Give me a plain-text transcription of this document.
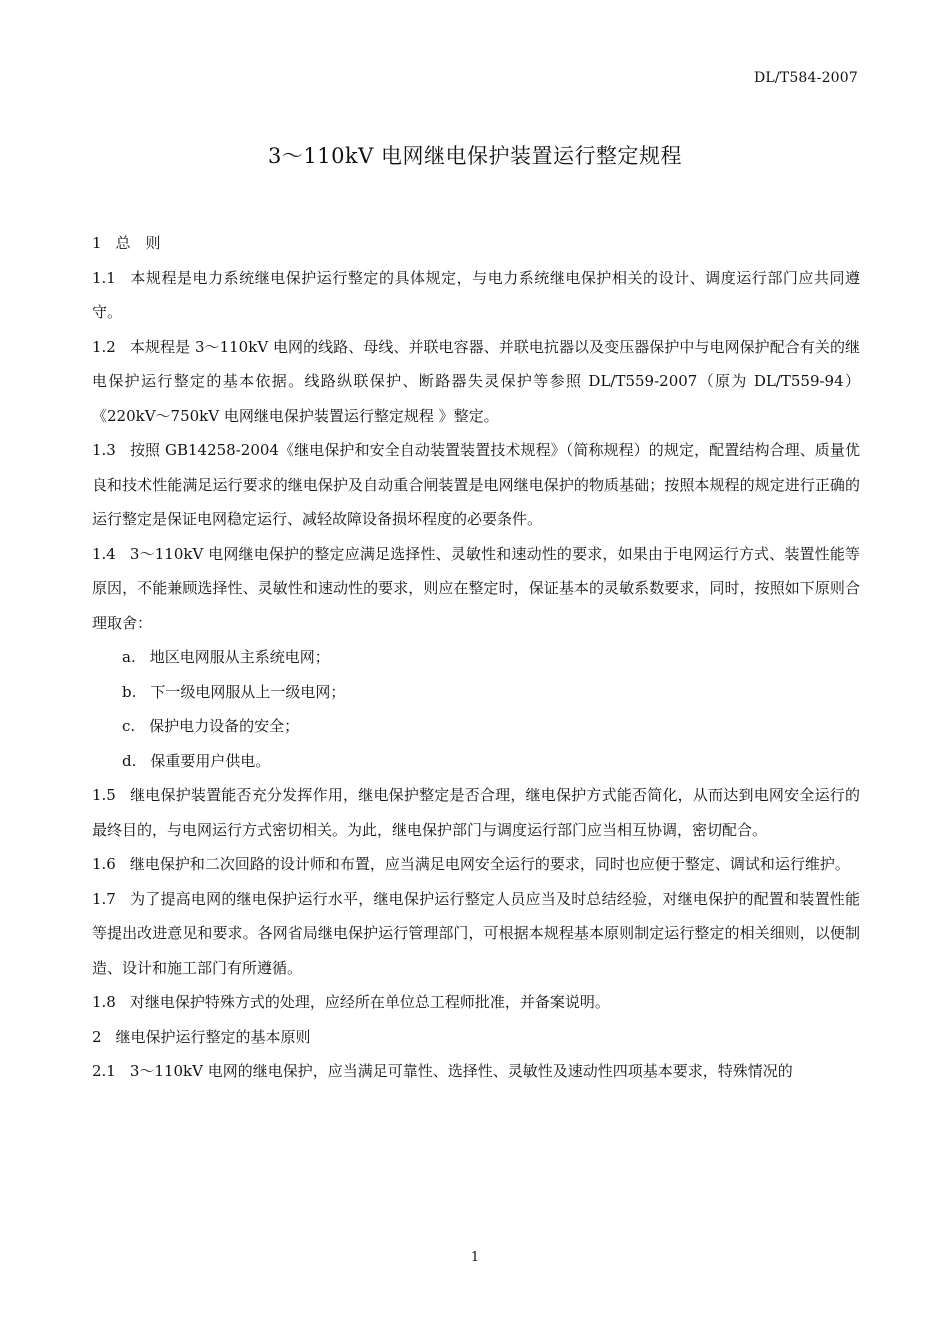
DL/T584-2007
3～110kV 电网继电保护装置运行整定规程

1 总　则

1.1 本规程是电力系统继电保护运行整定的具体规定，与电力系统继电保护相关的设计、调度运行部门应共同遵守。

1.2 本规程是 3～110kV 电网的线路、母线、并联电容器、并联电抗器以及变压器保护中与电网保护配合有关的继电保护运行整定的基本依据。线路纵联保护、断路器失灵保护等参照 DL/T559-2007（原为 DL/T559-94）《220kV～750kV 电网继电保护装置运行整定规程 》整定。

1.3 按照 GB14258-2004《继电保护和安全自动装置装置技术规程》（简称规程）的规定，配置结构合理、质量优良和技术性能满足运行要求的继电保护及自动重合闸装置是电网继电保护的物质基础；按照本规程的规定进行正确的运行整定是保证电网稳定运行、减轻故障设备损坏程度的必要条件。

1.4 3～110kV 电网继电保护的整定应满足选择性、灵敏性和速动性的要求，如果由于电网运行方式、装置性能等原因，不能兼顾选择性、灵敏性和速动性的要求，则应在整定时，保证基本的灵敏系数要求，同时，按照如下原则合理取舍：

a. 地区电网服从主系统电网；

b. 下一级电网服从上一级电网；

c. 保护电力设备的安全；

d. 保重要用户供电。

1.5 继电保护装置能否充分发挥作用，继电保护整定是否合理，继电保护方式能否简化，从而达到电网安全运行的最终目的，与电网运行方式密切相关。为此，继电保护部门与调度运行部门应当相互协调，密切配合。

1.6 继电保护和二次回路的设计师和布置，应当满足电网安全运行的要求，同时也应便于整定、调试和运行维护。

1.7 为了提高电网的继电保护运行水平，继电保护运行整定人员应当及时总结经验，对继电保护的配置和装置性能等提出改进意见和要求。各网省局继电保护运行管理部门，可根据本规程基本原则制定运行整定的相关细则，以便制造、设计和施工部门有所遵循。

1.8 对继电保护特殊方式的处理，应经所在单位总工程师批准，并备案说明。

2 继电保护运行整定的基本原则

2.1 3～110kV 电网的继电保护，应当满足可靠性、选择性、灵敏性及速动性四项基本要求，特殊情况的

1
